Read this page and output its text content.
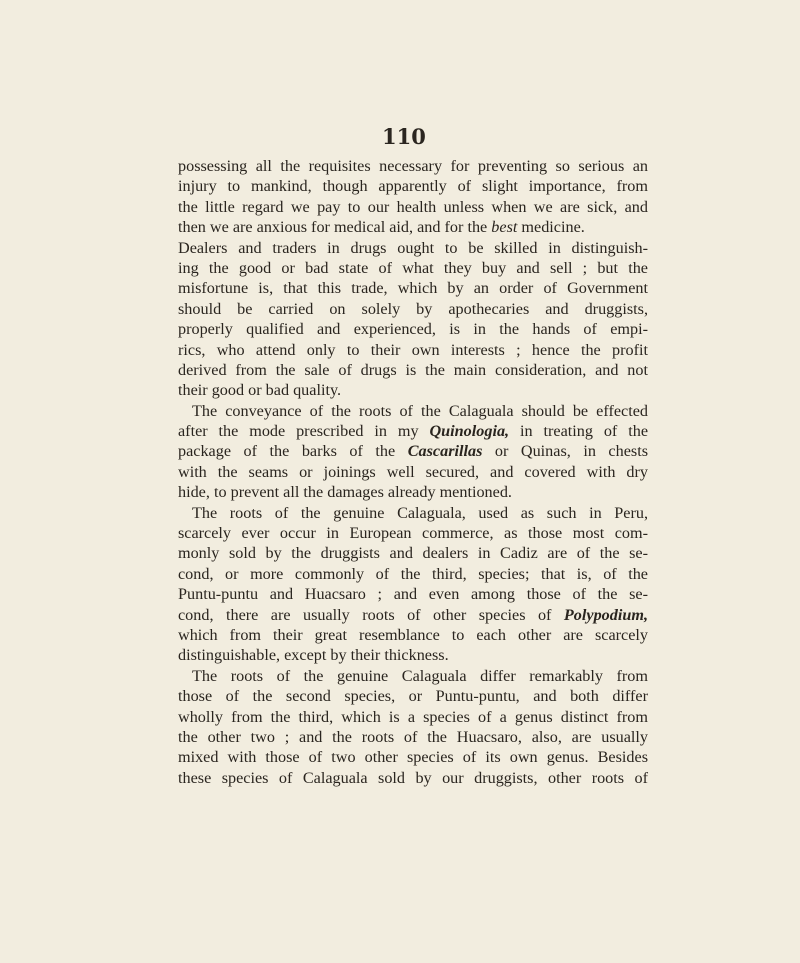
110
possessing all the requisites necessary for preventing so serious an
injury to mankind, though apparently of slight importance, from
the little regard we pay to our health unless when we are sick, and
then we are anxious for medical aid, and for the best medicine.
Dealers and traders in drugs ought to be skilled in distinguish-
ing the good or bad state of what they buy and sell ; but the
misfortune is, that this trade, which by an order of Government
should be carried on solely by apothecaries and druggists,
properly qualified and experienced, is in the hands of empi-
rics, who attend only to their own interests ; hence the profit
derived from the sale of drugs is the main consideration, and not
their good or bad quality.
The conveyance of the roots of the Calaguala should be effected
after the mode prescribed in my Quinologia, in treating of the
package of the barks of the Cascarillas or Quinas, in chests
with the seams or joinings well secured, and covered with dry
hide, to prevent all the damages already mentioned.
The roots of the genuine Calaguala, used as such in Peru,
scarcely ever occur in European commerce, as those most com-
monly sold by the druggists and dealers in Cadiz are of the se-
cond, or more commonly of the third, species; that is, of the
Puntu-puntu and Huacsaro ; and even among those of the se-
cond, there are usually roots of other species of Polypodium,
which from their great resemblance to each other are scarcely
distinguishable, except by their thickness.
The roots of the genuine Calaguala differ remarkably from
those of the second species, or Puntu-puntu, and both differ
wholly from the third, which is a species of a genus distinct from
the other two ; and the roots of the Huacsaro, also, are usually
mixed with those of two other species of its own genus. Besides
these species of Calaguala sold by our druggists, other roots of
